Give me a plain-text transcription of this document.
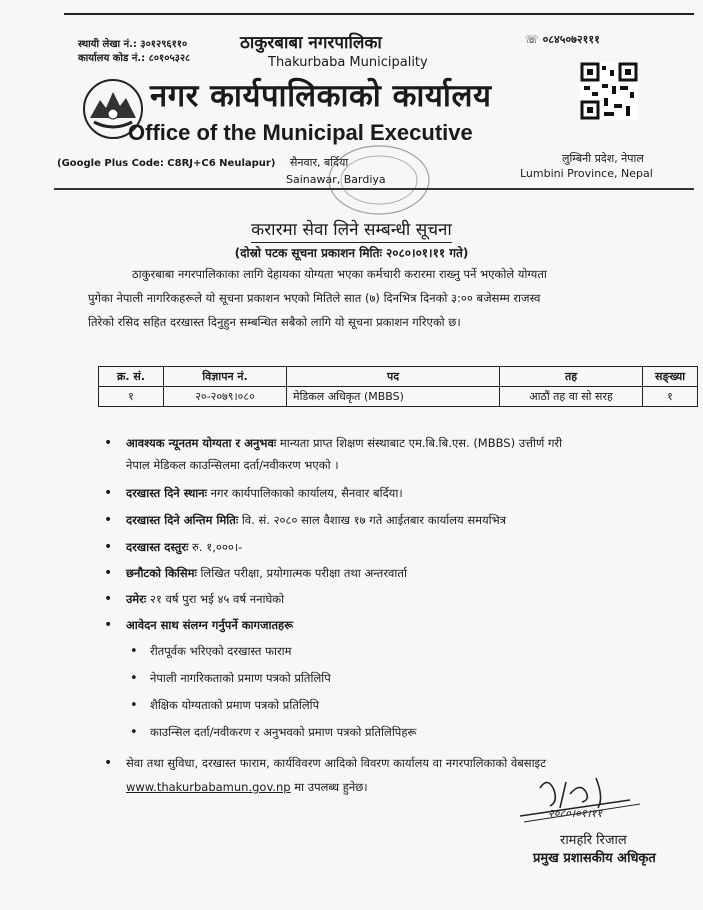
स्थायी लेखा नं.: ३०१२९६११०
कार्यालय कोड नं.: ८०१०५३२८
☏ ०८४५०७२१११
ठाकुरबाबा नगरपालिका
Thakurbaba Municipality
नगर कार्यपालिकाको कार्यालय
Office of the Municipal Executive
(Google Plus Code: C8RJ+C6 Neulapur) सैनवार, बर्दिया
Sainawar, Bardiya
लुम्बिनी प्रदेश, नेपाल
Lumbini Province, Nepal
करारमा सेवा लिने सम्बन्धी सूचना
(दोस्रो पटक सूचना प्रकाशन मितिः २०८०।०१।११ गते)
ठाकुरबाबा नगरपालिकाका लागि देहायका योग्यता भएका कर्मचारी करारमा राख्नु पर्ने भएकोले योग्यता
पुगेका नेपाली नागरिकहरूले यो सूचना प्रकाशन भएको मितिले सात (७) दिनभित्र दिनको ३:०० बजेसम्म राजस्व
तिरेको रसिद सहित दरखास्त दिनुहुन सम्बन्धित सबैको लागि यो सूचना प्रकाशन गरिएको छ।
क्र. सं.	विज्ञापन नं.	पद	तह	सङ्ख्या
१	२०-२०७९।०८०	मेडिकल अधिकृत (MBBS)	आठौं तह वा सो सरह	१
• आवश्यक न्यूनतम योग्यता र अनुभवः मान्यता प्राप्त शिक्षण संस्थाबाट एम.बि.बि.एस. (MBBS) उत्तीर्ण गरी
नेपाल मेडिकल काउन्सिलमा दर्ता/नवीकरण भएको ।
• दरखास्त दिने स्थानः नगर कार्यपालिकाको कार्यालय, सैनवार बर्दिया।
• दरखास्त दिने अन्तिम मितिः वि. सं. २०८० साल वैशाख १७ गते आईतबार कार्यालय समयभित्र
• दरखास्त दस्तुरः रु. १,०००।-
• छनौटको किसिमः लिखित परीक्षा, प्रयोगात्मक परीक्षा तथा अन्तरवार्ता
• उमेरः २१ वर्ष पुरा भई ४५ वर्ष ननाघेको
• आवेदन साथ संलग्न गर्नुपर्ने कागजातहरू
• रीतपूर्वक भरिएको दरखास्त फाराम
• नेपाली नागरिकताको प्रमाण पत्रको प्रतिलिपि
• शैक्षिक योग्यताको प्रमाण पत्रको प्रतिलिपि
• काउन्सिल दर्ता/नवीकरण र अनुभवको प्रमाण पत्रको प्रतिलिपिहरू
• सेवा तथा सुविधा, दरखास्त फाराम, कार्यविवरण आदिको विवरण कार्यालय वा नगरपालिकाको वेबसाइट
www.thakurbabamun.gov.np मा उपलब्ध हुनेछ।
२०८०।०१।११
रामहरि रिजाल
प्रमुख प्रशासकीय अधिकृत
